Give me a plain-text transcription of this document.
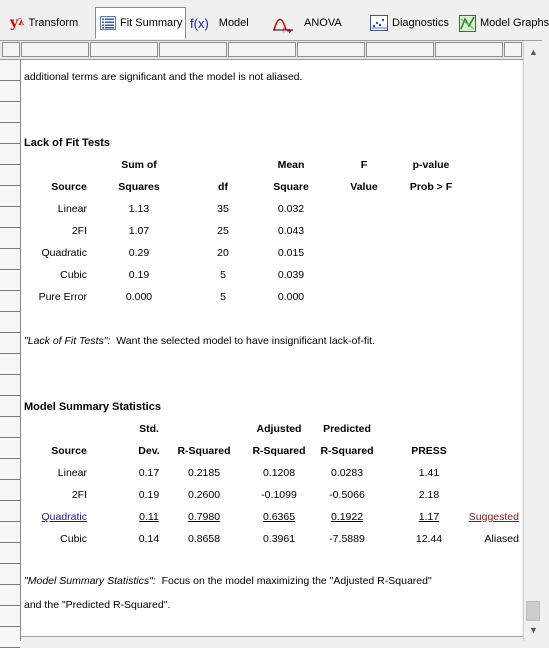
y λ Transform	Fit Summary f(x) Model
F
ANOVA	Diagnostics	Model Graphs
additional terms are significant and the model is not aliased.
Lack of Fit Tests
Sum of	Mean	F	p-value
Source	Squares	df	Square	Value	Prob > F
Linear	1.13	35	0.032
2FI	1.07	25	0.043
Quadratic	0.29	20	0.015
Cubic	0.19	5	0.039
Pure Error	0.000	5	0.000
"Lack of Fit Tests": Want the selected model to have insignificant lack-of-fit.
Model Summary Statistics
Std.	Adjusted	Predicted
Source	Dev.	R-Squared	R-Squared	R-Squared	PRESS
Linear	0.17	0.2185	0.1208	0.0283	1.41
2FI	0.19	0.2600	-0.1099	-0.5066	2.18
Quadratic	0.11	0.7980	0.6365	0.1922	1.17	Suggested
Cubic	0.14	0.8658	0.3961	-7.5889	12.44	Aliased
"Model Summary Statistics": Focus on the model maximizing the "Adjusted R-Squared"
and the "Predicted R-Squared".
▲
▼
